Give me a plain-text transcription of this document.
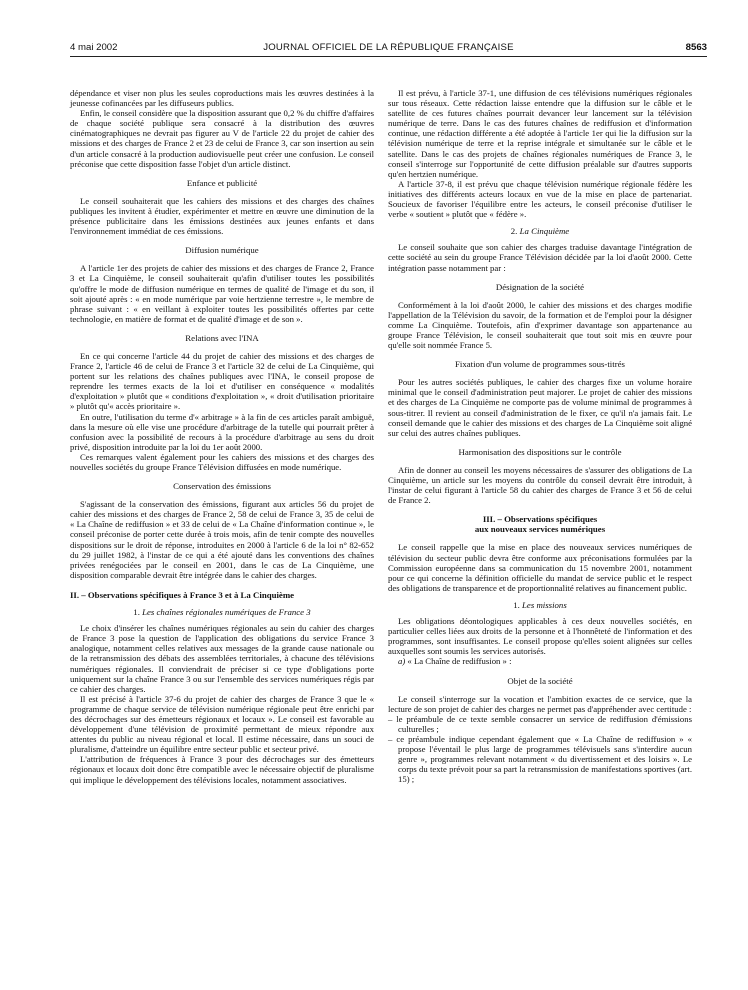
4 mai 2002	JOURNAL OFFICIEL DE LA RÉPUBLIQUE FRANÇAISE	8563

dépendance et viser non plus les seules coproductions mais les œuvres destinées à la jeunesse cofinancées par les diffuseurs publics.

Enfin, le conseil considère que la disposition assurant que 0,2 % du chiffre d'affaires de chaque société publique sera consacré à la distribution des œuvres cinématographiques ne devrait pas figurer au V de l'article 22 du projet de cahier des missions et des charges de France 2 et 23 de celui de France 3, car son insertion au sein d'un article consacré à la production audiovisuelle peut créer une confusion. Le conseil préconise que cette disposition fasse l'objet d'un article distinct.

Enfance et publicité

Le conseil souhaiterait que les cahiers des missions et des charges des chaînes publiques les invitent à étudier, expérimenter et mettre en œuvre une diminution de la présence publicitaire dans les émissions destinées aux jeunes enfants et dans l'environnement immédiat de ces émissions.

Diffusion numérique

A l'article 1er des projets de cahier des missions et des charges de France 2, France 3 et La Cinquième, le conseil souhaiterait qu'afin d'utiliser toutes les possibilités qu'offre le mode de diffusion numérique en termes de qualité de l'image et du son, il soit ajouté après : « en mode numérique par voie hertzienne terrestre », le membre de phrase suivant : « en veillant à exploiter toutes les possibilités offertes par cette technologie, en matière de format et de qualité d'image et de son ».

Relations avec l'INA

En ce qui concerne l'article 44 du projet de cahier des missions et des charges de France 2, l'article 46 de celui de France 3 et l'article 32 de celui de La Cinquième, qui portent sur les relations des chaînes publiques avec l'INA, le conseil propose de reprendre les termes exacts de la loi et d'utiliser en conséquence « modalités d'exploitation » plutôt que « conditions d'exploitation », « droit d'utilisation prioritaire » plutôt qu'« accès prioritaire ».

En outre, l'utilisation du terme d'« arbitrage » à la fin de ces articles paraît ambiguë, dans la mesure où elle vise une procédure d'arbitrage de la tutelle qui pourrait prêter à confusion avec la possibilité de recours à la procédure d'arbitrage au sens du droit privé, disposition introduite par la loi du 1er août 2000.

Ces remarques valent également pour les cahiers des missions et des charges des nouvelles sociétés du groupe France Télévision diffusées en mode numérique.

Conservation des émissions

S'agissant de la conservation des émissions, figurant aux articles 56 du projet de cahier des missions et des charges de France 2, 58 de celui de France 3, 35 de celui de « La Chaîne de rediffusion » et 33 de celui de « La Chaîne d'information continue », le conseil préconise de porter cette durée à trois mois, afin de tenir compte des nouvelles dispositions sur le droit de réponse, introduites en 2000 à l'article 6 de la loi n° 82-652 du 29 juillet 1982, à l'instar de ce qui a été ajouté dans les conventions des chaînes privées renégociées par le conseil en 2001, dans le cas de La Cinquième, une disposition comparable devrait être intégrée dans le cahier des charges.

II. – Observations spécifiques à France 3 et à La Cinquième
1. Les chaînes régionales numériques de France 3

Le choix d'insérer les chaînes numériques régionales au sein du cahier des charges de France 3 pose la question de l'application des obligations du service France 3 analogique, notamment celles relatives aux messages de la grande cause nationale ou de la retransmission des débats des assemblées territoriales, à chacune des télévisions numériques régionales. Il conviendrait de préciser si ce type d'obligations porte uniquement sur la chaîne France 3 ou sur l'ensemble des services numériques régis par ce cahier des charges.

Il est précisé à l'article 37-6 du projet de cahier des charges de France 3 que le « programme de chaque service de télévision numérique régionale peut être enrichi par des décrochages sur des émetteurs régionaux et locaux ». Le conseil est favorable au développement d'une télévision de proximité permettant de mieux répondre aux attentes du public au niveau régional et local. Il estime nécessaire, dans un souci de pluralisme, d'atteindre un équilibre entre secteur public et secteur privé.

L'attribution de fréquences à France 3 pour des décrochages sur des émetteurs régionaux et locaux doit donc être compatible avec le nécessaire objectif de pluralisme qui implique le développement des télévisions locales, notamment associatives.

Il est prévu, à l'article 37-1, une diffusion de ces télévisions numériques régionales sur tous réseaux. Cette rédaction laisse entendre que la diffusion sur le câble et le satellite de ces futures chaînes pourrait devancer leur lancement sur la télévision numérique de terre. Dans le cas des futures chaînes de rediffusion et d'information continue, une rédaction différente a été adoptée à l'article 1er qui lie la diffusion sur la télévision numérique de terre et la reprise intégrale et simultanée sur le câble et le satellite. Dans le cas des projets de chaînes régionales numériques de France 3, le conseil s'interroge sur l'opportunité de cette diffusion préalable sur d'autres supports qu'en hertzien numérique.

A l'article 37-8, il est prévu que chaque télévision numérique régionale fédère les initiatives des différents acteurs locaux en vue de la mise en place de partenariat. Soucieux de favoriser l'équilibre entre les acteurs, le conseil préconise d'utiliser le verbe « soutient » plutôt que « fédère ».

2. La Cinquième

Le conseil souhaite que son cahier des charges traduise davantage l'intégration de cette société au sein du groupe France Télévision décidée par la loi d'août 2000. Cette intégration passe notamment par :

Désignation de la société

Conformément à la loi d'août 2000, le cahier des missions et des charges modifie l'appellation de la Télévision du savoir, de la formation et de l'emploi pour la désigner comme La Cinquième. Toutefois, afin d'exprimer davantage son appartenance au groupe France Télévision, le conseil souhaiterait que tout soit mis en œuvre pour qu'elle soit nommée France 5.

Fixation d'un volume de programmes sous-titrés

Pour les autres sociétés publiques, le cahier des charges fixe un volume horaire minimal que le conseil d'administration peut majorer. Le projet de cahier des missions et des charges de La Cinquième ne comporte pas de volume minimal de programmes à sous-titrer. Il revient au conseil d'administration de le fixer, ce qu'il n'a jamais fait. Le conseil demande que le cahier des missions et des charges de La Cinquième soit aligné sur celui des autres chaînes publiques.

Harmonisation des dispositions sur le contrôle

Afin de donner au conseil les moyens nécessaires de s'assurer des obligations de La Cinquième, un article sur les moyens du contrôle du conseil devrait être introduit, à l'instar de celui figurant à l'article 58 du cahier des charges de France 3 et 56 de celui de France 2.

III. – Observations spécifiques
aux nouveaux services numériques

Le conseil rappelle que la mise en place des nouveaux services numériques de télévision du secteur public devra être conforme aux préconisations formulées par la Commission européenne dans sa communication du 15 novembre 2001, notamment pour ce qui concerne la définition officielle du mandat de service public et le respect des obligations de transparence et de proportionnalité relatives au financement public.

1. Les missions

Les obligations déontologiques applicables à ces deux nouvelles sociétés, en particulier celles liées aux droits de la personne et à l'honnêteté de l'information et des programmes, sont insuffisantes. Le conseil propose qu'elles soient alignées sur celles auxquelles sont soumis les services autorisés.

a) « La Chaîne de rediffusion » :

Objet de la société

Le conseil s'interroge sur la vocation et l'ambition exactes de ce service, que la lecture de son projet de cahier des charges ne permet pas d'appréhender avec certitude :

– le préambule de ce texte semble consacrer un service de rediffusion d'émissions culturelles ;
– ce préambule indique cependant également que « La Chaîne de rediffusion » « propose l'éventail le plus large de programmes télévisuels sans s'interdire aucun genre », programmes relevant notamment « du divertissement et des loisirs ». Le corps du texte prévoit pour sa part la retransmission de manifestations sportives (art. 15) ;
